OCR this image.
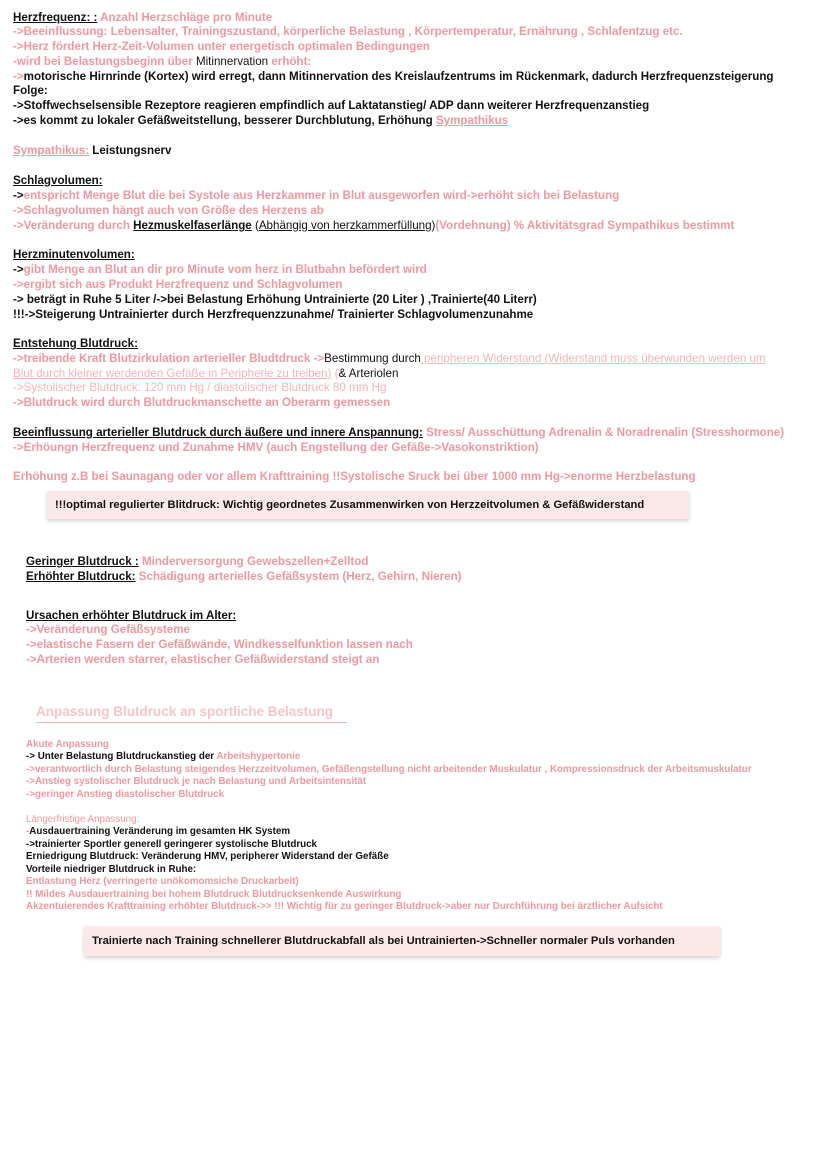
Herzfrequenz: : Anzahl Herzschläge pro Minute
->Beeinflussung: Lebensalter, Trainingszustand, körperliche Belastung , Körpertemperatur, Ernährung , Schlafentzug etc.
->Herz fördert Herz-Zeit-Volumen unter energetisch optimalen Bedingungen
-wird bei Belastungsbeginn über Mitinnervation erhöht:
->motorische Hirnrinde (Kortex) wird erregt, dann Mitinnervation des Kreislaufzentrums im Rückenmark, dadurch Herzfrequenzsteigerung
Folge:
->Stoffwechselsensible Rezeptore reagieren empfindlich auf Laktatanstieg/ ADP dann weiterer Herzfrequenzanstieg
->es kommt zu lokaler Gefäßweitstellung, besserer Durchblutung, Erhöhung Sympathikus
Sympathikus: Leistungsnerv
Schlagvolumen:
->entspricht Menge Blut die bei Systole aus Herzkammer in Blut ausgeworfen wird->erhöht sich bei Belastung
->Schlagvolumen hängt auch von Größe des Herzens ab
->Veränderung durch Hezmuskelfaserlänge (Abhängig von herzkammerfüllung)(Vordehnung) % Aktivitätsgrad Sympathikus bestimmt
Herzminutenvolumen:
->gibt Menge an Blut an dir pro Minute vom herz in Blutbahn befördert wird
->ergibt sich aus Produkt Herzfrequenz und Schlagvolumen
-> beträgt in Ruhe 5 Liter /->bei Belastung Erhöhung Untrainierte (20 Liter ) ,Trainierte(40 Literr)
!!!->Steigerung Untrainierter durch Herzfrequenzzunahme/ Trainierter Schlagvolumenzunahme
Entstehung Blutdruck:
->treibende Kraft Blutzirkulation arterieller Bludtdruck ->Bestimmung durch peripheren Widerstand (Widerstand muss überwunden werden um
Blut durch kleiner werdenden Gefäße in Peripherie zu treiben) (& Arteriolen
->Systolischer Blutdruck: 120 mm Hg / diastolischer Blutdruck 80 mm Hg
->Blutdruck wird durch Blutdruckmanschette an Oberarm gemessen
Beeinflussung arterieller Blutdruck durch äußere und innere Anspannung: Stress/ Ausschüttung Adrenalin & Noradrenalin (Stresshormone)
->Erhöungn Herzfrequenz und Zunahme HMV (auch Engstellung der Gefäße->Vasokonstriktion)
Erhöhung z.B bei Saunagang oder vor allem Krafttraining !!Systolische Sruck bei über 1000 mm Hg->enorme Herzbelastung
!!!optimal regulierter Blitdruck: Wichtig geordnetes Zusammenwirken von Herzzeitvolumen & Gefäßwiderstand
Geringer Blutdruck : Minderversorgung Gewebszellen+Zelltod
Erhöhter Blutdruck: Schädigung arterielles Gefäßsystem (Herz, Gehirn, Nieren)
Ursachen erhöhter Blutdruck im Alter:
->Veränderung Gefäßsysteme
->elastische Fasern der Gefäßwände, Windkesselfunktion lassen nach
->Arterien werden starrer, elastischer Gefäßwiderstand steigt an
Anpassung Blutdruck an sportliche Belastung
Akute Anpassung
-> Unter Belastung Blutdruckanstieg der Arbeitshypertonie
->verantwortlich durch Belastung steigendes Herzzeitvolumen, Gefäßengstellung nicht arbeitender Muskulatur , Kompressionsdruck der Arbeitsmuskulatur
->Anstieg systolischer Blutdruck je nach Belastung und Arbeitsintensität
->geringer Anstieg diastolischer Blutdruck
Längerfristige Anpassung:
-Ausdauertraining Veränderung im gesamten HK System
->trainierter Sportler generell geringerer systolische Blutdruck
Erniedrigung Blutdruck: Veränderung HMV, peripherer Widerstand der Gefäße
Vorteile niedriger Blutdruck in Ruhe:
Entlastung Herz (verringerte unökomomsiche Druckarbeit)
!! Mildes Ausdauertraining bei hohem Blutdruck Blutdrucksenkende Auswirkung
Akzentuierendes Krafttraining erhöhter Blutdruck->> !!! Wichtig für zu geringer Blutdruck->aber nur Durchführung bei ärztlicher Aufsicht
Trainierte nach Training schnellerer Blutdruckabfall als bei Untrainierten->Schneller normaler Puls vorhanden
